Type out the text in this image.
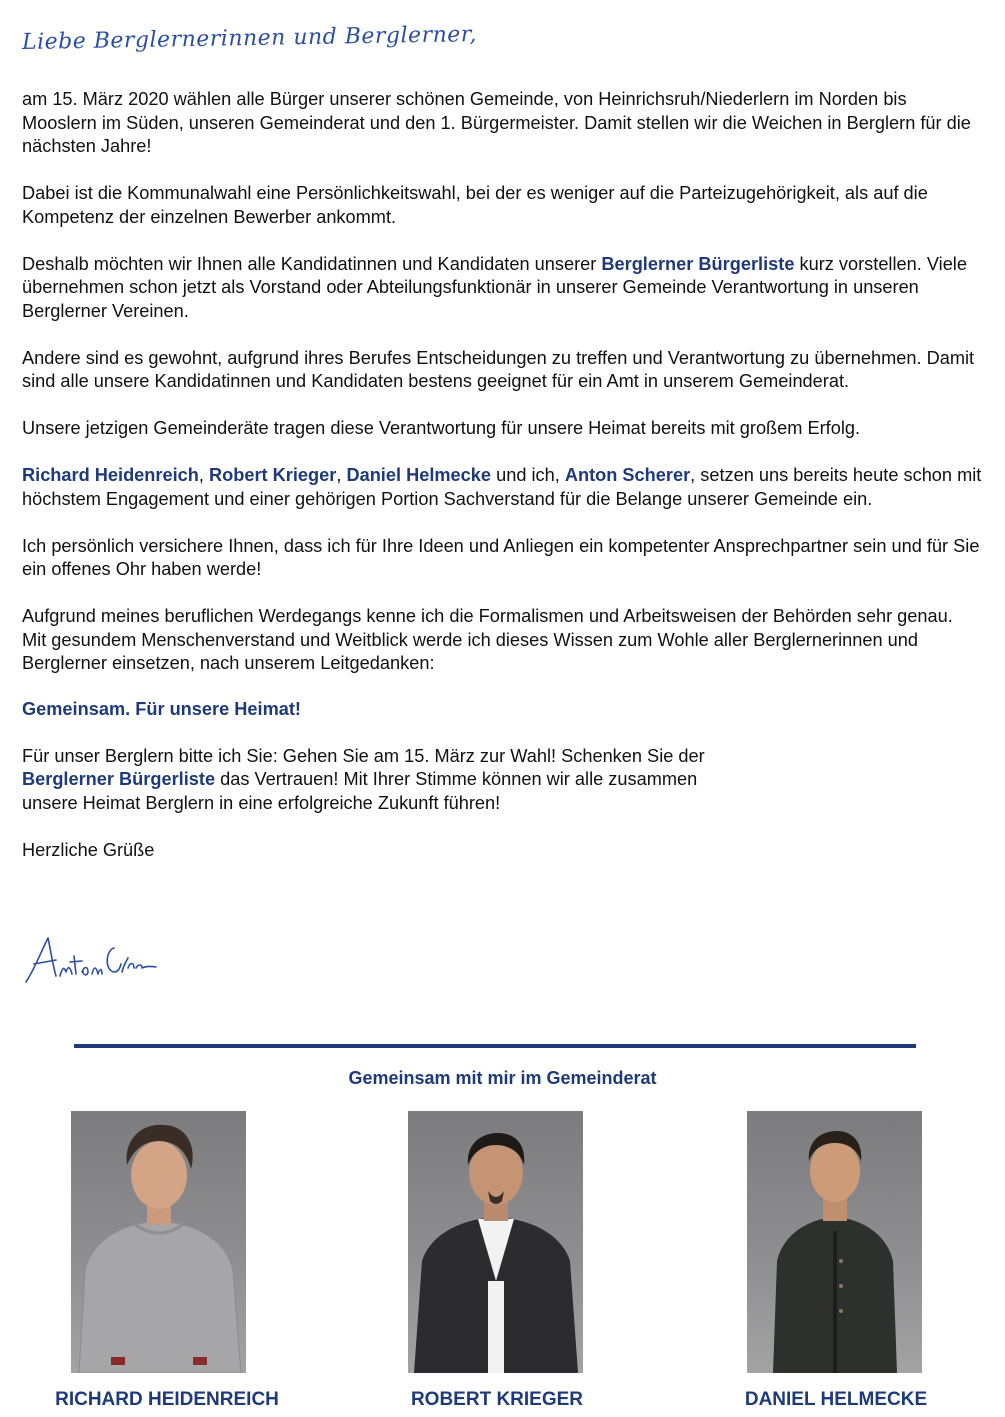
Liebe Berglernerinnen und Berglerner,

am 15. März 2020 wählen alle Bürger unserer schönen Gemeinde, von Heinrichsruh/Niederlern im Norden bis Mooslern im Süden, unseren Gemeinderat und den 1. Bürgermeister. Damit stellen wir die Weichen in Berglern für die nächsten Jahre!

Dabei ist die Kommunalwahl eine Persönlichkeitswahl, bei der es weniger auf die Parteizugehörigkeit, als auf die Kompetenz der einzelnen Bewerber ankommt.

Deshalb möchten wir Ihnen alle Kandidatinnen und Kandidaten unserer Berglerner Bürgerliste kurz vorstellen. Viele übernehmen schon jetzt als Vorstand oder Abteilungsfunktionär in unserer Gemeinde Verantwortung in unseren Berglerner Vereinen.

Andere sind es gewohnt, aufgrund ihres Berufes Entscheidungen zu treffen und Verantwortung zu übernehmen. Damit sind alle unsere Kandidatinnen und Kandidaten bestens geeignet für ein Amt in unserem Gemeinderat.

Unsere jetzigen Gemeinderäte tragen diese Verantwortung für unsere Heimat bereits mit großem Erfolg.

Richard Heidenreich, Robert Krieger, Daniel Helmecke und ich, Anton Scherer, setzen uns bereits heute schon mit höchstem Engagement und einer gehörigen Portion Sachverstand für die Belange unserer Gemeinde ein.

Ich persönlich versichere Ihnen, dass ich für Ihre Ideen und Anliegen ein kompetenter Ansprechpartner sein und für Sie ein offenes Ohr haben werde!

Aufgrund meines beruflichen Werdegangs kenne ich die Formalismen und Arbeitsweisen der Behörden sehr genau. Mit gesundem Menschenverstand und Weitblick werde ich dieses Wissen zum Wohle aller Berglernerinnen und Berglerner einsetzen, nach unserem Leitgedanken:

Gemeinsam. Für unsere Heimat!

Für unser Berglern bitte ich Sie: Gehen Sie am 15. März zur Wahl! Schenken Sie der
Berglerner Bürgerliste das Vertrauen! Mit Ihrer Stimme können wir alle zusammen
unsere Heimat Berglern in eine erfolgreiche Zukunft führen!

Herzliche Grüße

Gemeinsam mit mir im Gemeinderat
RICHARD HEIDENREICH	ROBERT KRIEGER	DANIEL HELMECKE
